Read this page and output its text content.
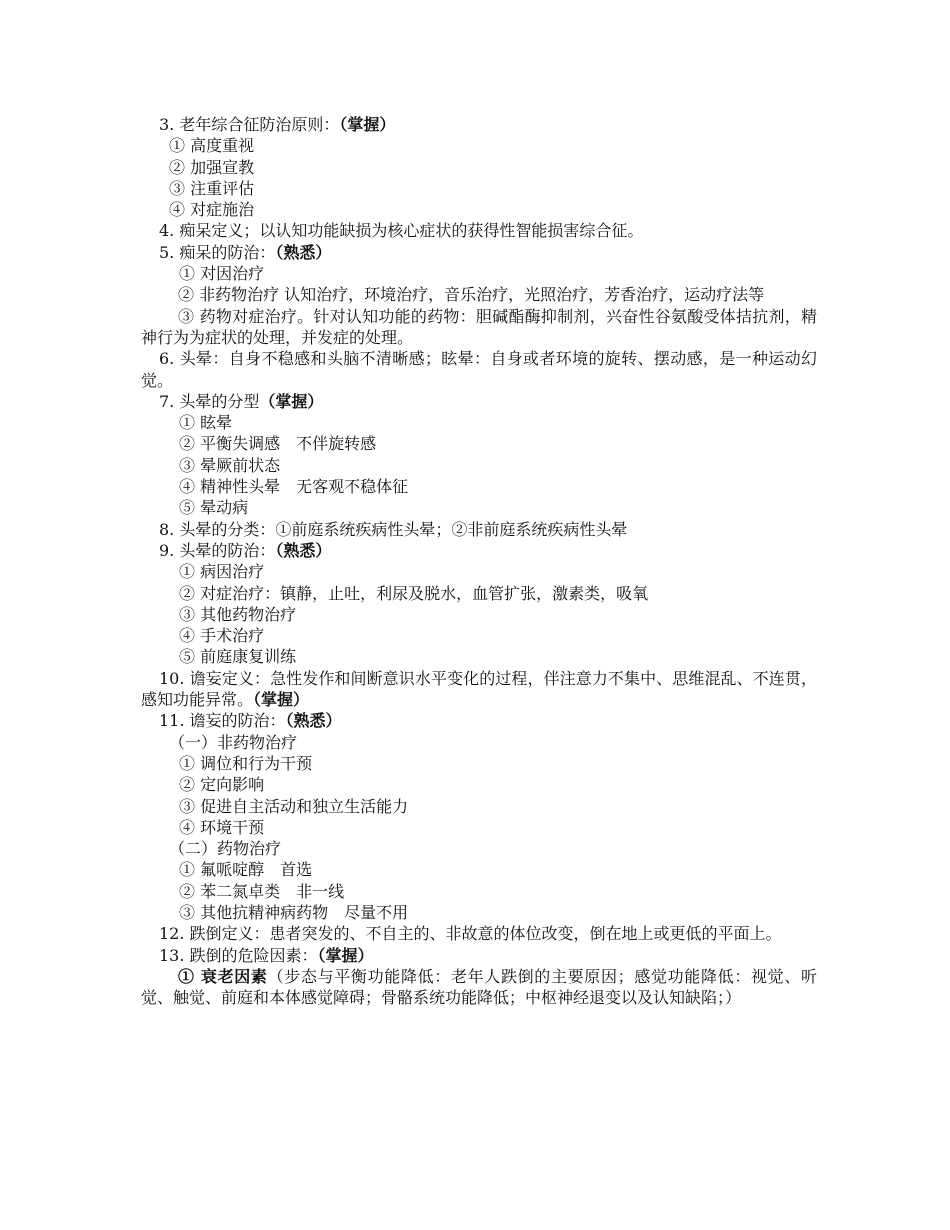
3. 老年综合征防治原则：（掌握）
① 高度重视
② 加强宣教
③ 注重评估
④ 对症施治
4. 痴呆定义；以认知功能缺损为核心症状的获得性智能损害综合征。
5. 痴呆的防治：（熟悉）
① 对因治疗
② 非药物治疗 认知治疗，环境治疗，音乐治疗，光照治疗，芳香治疗，运动疗法等
③ 药物对症治疗。针对认知功能的药物：胆碱酯酶抑制剂，兴奋性谷氨酸受体拮抗剂，精神行为为症状的处理，并发症的处理。
6. 头晕：自身不稳感和头脑不清晰感；眩晕：自身或者环境的旋转、摆动感，是一种运动幻觉。
7. 头晕的分型（掌握）
① 眩晕
② 平衡失调感　不伴旋转感
③ 晕厥前状态
④ 精神性头晕　无客观不稳体征
⑤ 晕动病
8. 头晕的分类：①前庭系统疾病性头晕；②非前庭系统疾病性头晕
9. 头晕的防治：（熟悉）
① 病因治疗
② 对症治疗：镇静，止吐，利尿及脱水，血管扩张，激素类，吸氧
③ 其他药物治疗
④ 手术治疗
⑤ 前庭康复训练
10. 谵妄定义：急性发作和间断意识水平变化的过程，伴注意力不集中、思维混乱、不连贯，感知功能异常。（掌握）
11. 谵妄的防治：（熟悉）
（一）非药物治疗
① 调位和行为干预
② 定向影响
③ 促进自主活动和独立生活能力
④ 环境干预
（二）药物治疗
① 氟哌啶醇　首选
② 苯二氮卓类　非一线
③ 其他抗精神病药物　尽量不用
12. 跌倒定义：患者突发的、不自主的、非故意的体位改变，倒在地上或更低的平面上。
13. 跌倒的危险因素：（掌握）
① 衰老因素（步态与平衡功能降低：老年人跌倒的主要原因；感觉功能降低：视觉、听觉、触觉、前庭和本体感觉障碍；骨骼系统功能降低；中枢神经退变以及认知缺陷；）
